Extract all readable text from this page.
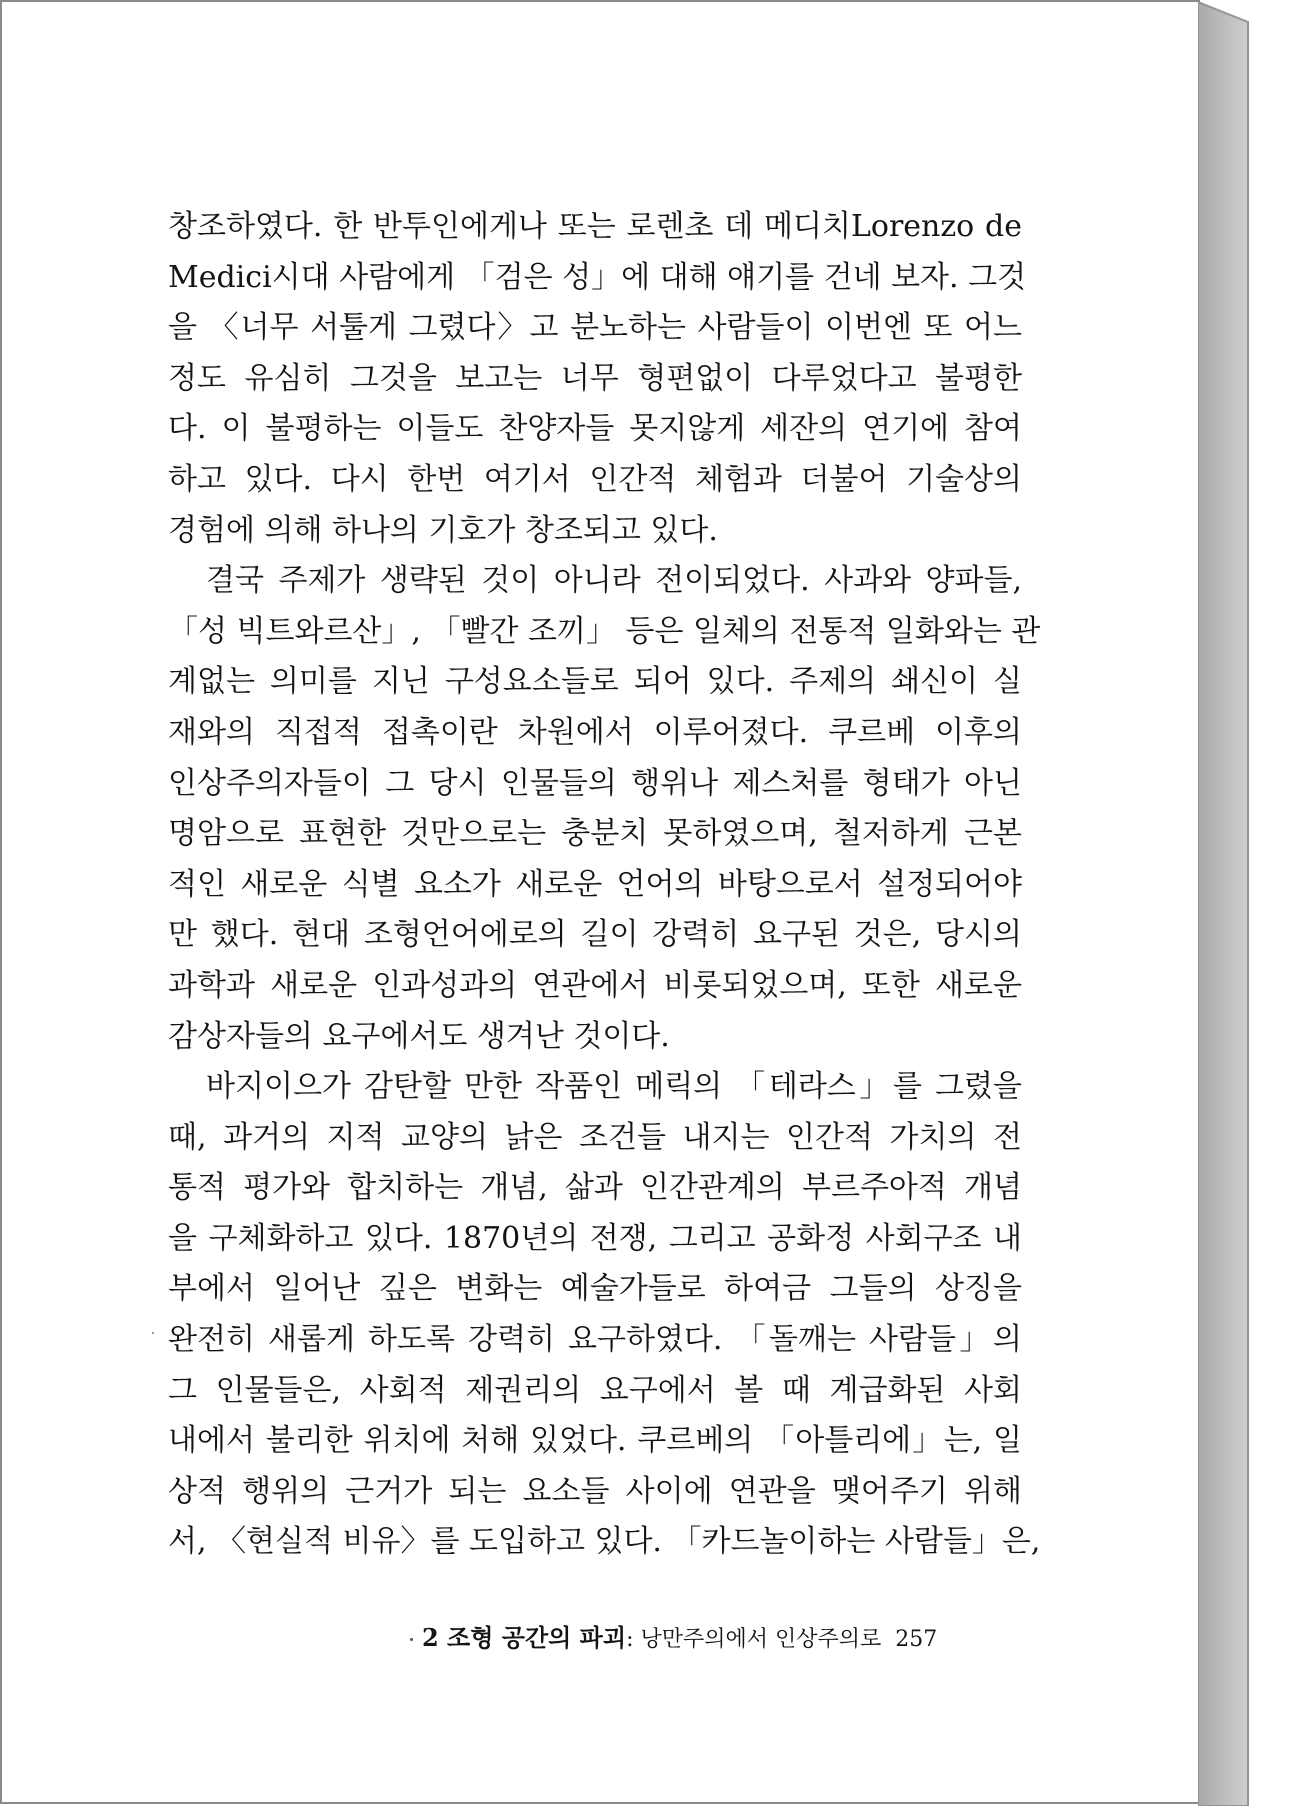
창조하였다. 한 반투인에게나 또는 로렌초 데 메디치Lorenzo de
Medici시대 사람에게 「검은 성」에 대해 얘기를 건네 보자. 그것
을 〈너무 서툴게 그렸다〉고 분노하는 사람들이 이번엔 또 어느
정도 유심히 그것을 보고는 너무 형편없이 다루었다고 불평한
다. 이 불평하는 이들도 찬양자들 못지않게 세잔의 연기에 참여
하고 있다. 다시 한번 여기서 인간적 체험과 더불어 기술상의
경험에 의해 하나의 기호가 창조되고 있다.

결국 주제가 생략된 것이 아니라 전이되었다. 사과와 양파들,
「성 빅트와르산」, 「빨간 조끼」 등은 일체의 전통적 일화와는 관
계없는 의미를 지닌 구성요소들로 되어 있다. 주제의 쇄신이 실
재와의 직접적 접촉이란 차원에서 이루어졌다. 쿠르베 이후의
인상주의자들이 그 당시 인물들의 행위나 제스처를 형태가 아닌
명암으로 표현한 것만으로는 충분치 못하였으며, 철저하게 근본
적인 새로운 식별 요소가 새로운 언어의 바탕으로서 설정되어야
만 했다. 현대 조형언어에로의 길이 강력히 요구된 것은, 당시의
과학과 새로운 인과성과의 연관에서 비롯되었으며, 또한 새로운
감상자들의 요구에서도 생겨난 것이다.

바지이으가 감탄할 만한 작품인 메릭의 「테라스」를 그렸을
때, 과거의 지적 교양의 낡은 조건들 내지는 인간적 가치의 전
통적 평가와 합치하는 개념, 삶과 인간관계의 부르주아적 개념
을 구체화하고 있다. 1870년의 전쟁, 그리고 공화정 사회구조 내
부에서 일어난 깊은 변화는 예술가들로 하여금 그들의 상징을
완전히 새롭게 하도록 강력히 요구하였다. 「돌깨는 사람들」의
그 인물들은, 사회적 제권리의 요구에서 볼 때 계급화된 사회
내에서 불리한 위치에 처해 있었다. 쿠르베의 「아틀리에」는, 일
상적 행위의 근거가 되는 요소들 사이에 연관을 맺어주기 위해
서, 〈현실적 비유〉를 도입하고 있다. 「카드놀이하는 사람들」은,

2 조형 공간의 파괴: 낭만주의에서 인상주의로 257
